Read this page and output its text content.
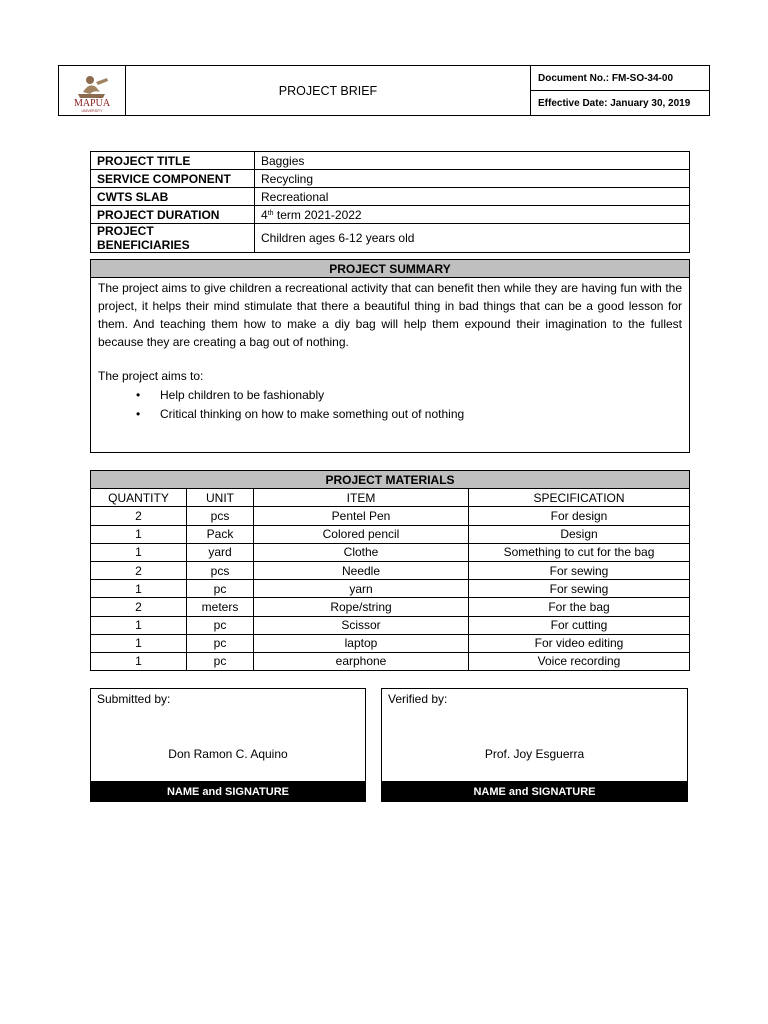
MAPÚA
UNIVERSITY
PROJECT BRIEF
Document No.: FM-SO-34-00
Effective Date: January 30, 2019
PROJECT TITLE	Baggies
SERVICE COMPONENT	Recycling
CWTS SLAB	Recreational
PROJECT DURATION	4th term 2021-2022
PROJECT BENEFICIARIES	Children ages 6-12 years old
PROJECT SUMMARY
The project aims to give children a recreational activity that can benefit then while they are having fun with the project, it helps their mind stimulate that there a beautiful thing in bad things that can be a good lesson for them. And teaching them how to make a diy bag will help them expound their imagination to the fullest because they are creating a bag out of nothing.
The project aims to:
• Help children to be fashionably
• Critical thinking on how to make something out of nothing
PROJECT MATERIALS			
QUANTITY	UNIT	ITEM	SPECIFICATION
2	pcs	Pentel Pen	For design
1	Pack	Colored pencil	Design
1	yard	Clothe	Something to cut for the bag
2	pcs	Needle	For sewing
1	pc	yarn	For sewing
2	meters	Rope/string	For the bag
1	pc	Scissor	For cutting
1	pc	laptop	For video editing
1	pc	earphone	Voice recording
Submitted by:
Don Ramon C. Aquino
NAME and SIGNATURE
Verified by:
Prof. Joy Esguerra
NAME and SIGNATURE
